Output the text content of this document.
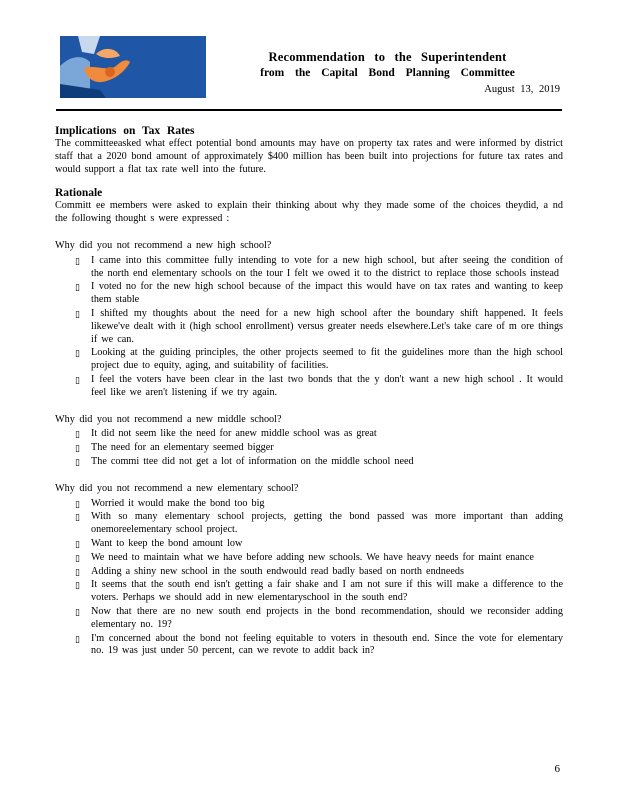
Recommendation to the Superintendent
from the Capital Bond Planning Committee
August 13, 2019
Implications on Tax Rates

The committeeasked what effect potential bond amounts may have on property tax rates and were informed by district staff that a 2020 bond amount of approximately $400 million has been built into projections for future tax rates and would support a flat tax rate well into the future.

Rationale

Committ ee members were asked to explain their thinking about why they made some of the choices theydid, a nd the following thought s were expressed :

Why did you not recommend a new high school?
▯ I came into this committee fully intending to vote for a new high school, but after seeing the condition of the north end elementary schools on the tour I felt we owed it to the district to replace those schools instead
▯ I voted no for the new high school because of the impact this would have on tax rates and wanting to keep them stable
▯ I shifted my thoughts about the need for a new high school after the boundary shift happened. It feels likewe've dealt with it (high school enrollment) versus greater needs elsewhere.Let's take care of m ore things if we can.
▯ Looking at the guiding principles, the other projects seemed to fit the guidelines more than the high school project due to equity, aging, and suitability of facilities.
▯ I feel the voters have been clear in the last two bonds that the y don't want a new high school . It would feel like we aren't listening if we try again.
Why did you not recommend a new middle school?
▯ It did not seem like the need for anew middle school was as great
▯ The need for an elementary seemed bigger
▯ The commi ttee did not get a lot of information on the middle school need
Why did you not recommend a new elementary school?
▯ Worried it would make the bond too big
▯ With so many elementary school projects, getting the bond passed was more important than adding onemoreelementary school project.
▯ Want to keep the bond amount low
▯ We need to maintain what we have before adding new schools. We have heavy needs for maint enance
▯ Adding a shiny new school in the south endwould read badly based on north endneeds
▯ It seems that the south end isn't getting a fair shake and I am not sure if this will make a difference to the voters. Perhaps we should add in new elementaryschool in the south end?
▯ Now that there are no new south end projects in the bond recommendation, should we reconsider adding elementary no. 19?
▯ I'm concerned about the bond not feeling equitable to voters in thesouth end. Since the vote for elementary no. 19 was just under 50 percent, can we revote to addit back in?
6
